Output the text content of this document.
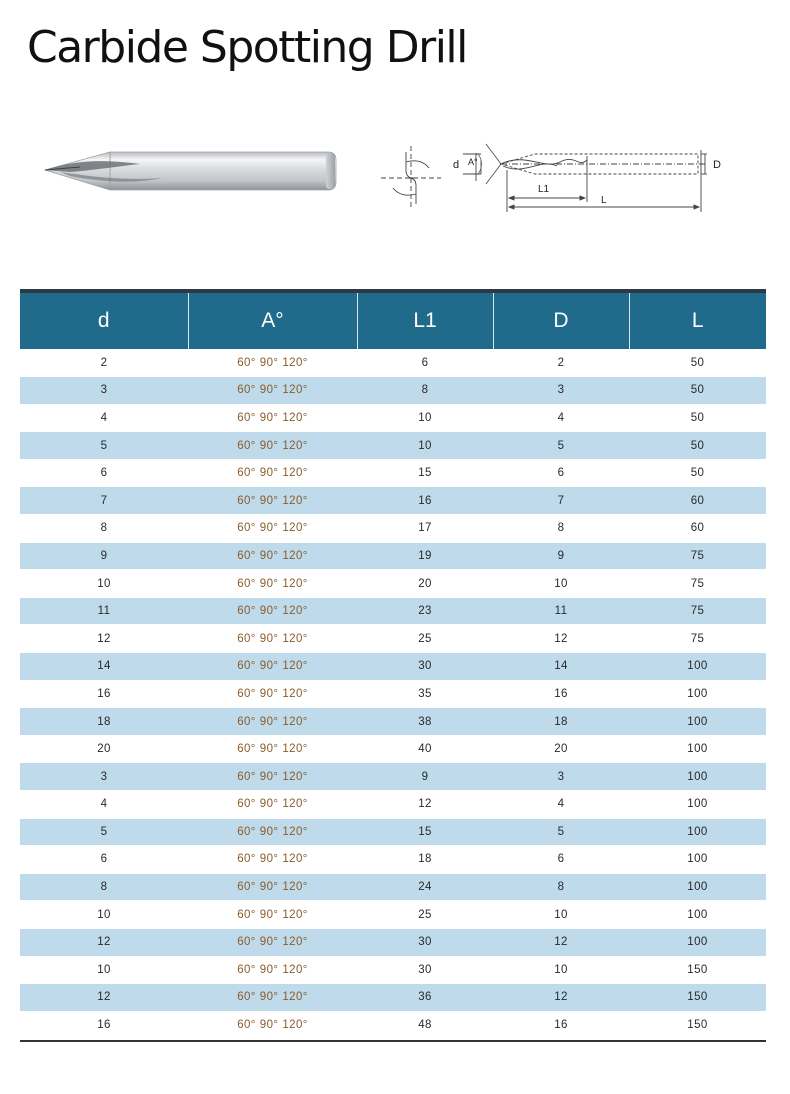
Carbide Spotting Drill
d A°
L1
L
D
d	A°	L1	D	L
2	60° 90° 120°	6	2	50
3	60° 90° 120°	8	3	50
4	60° 90° 120°	10	4	50
5	60° 90° 120°	10	5	50
6	60° 90° 120°	15	6	50
7	60° 90° 120°	16	7	60
8	60° 90° 120°	17	8	60
9	60° 90° 120°	19	9	75
10	60° 90° 120°	20	10	75
11	60° 90° 120°	23	11	75
12	60° 90° 120°	25	12	75
14	60° 90° 120°	30	14	100
16	60° 90° 120°	35	16	100
18	60° 90° 120°	38	18	100
20	60° 90° 120°	40	20	100
3	60° 90° 120°	9	3	100
4	60° 90° 120°	12	4	100
5	60° 90° 120°	15	5	100
6	60° 90° 120°	18	6	100
8	60° 90° 120°	24	8	100
10	60° 90° 120°	25	10	100
12	60° 90° 120°	30	12	100
10	60° 90° 120°	30	10	150
12	60° 90° 120°	36	12	150
16	60° 90° 120°	48	16	150
